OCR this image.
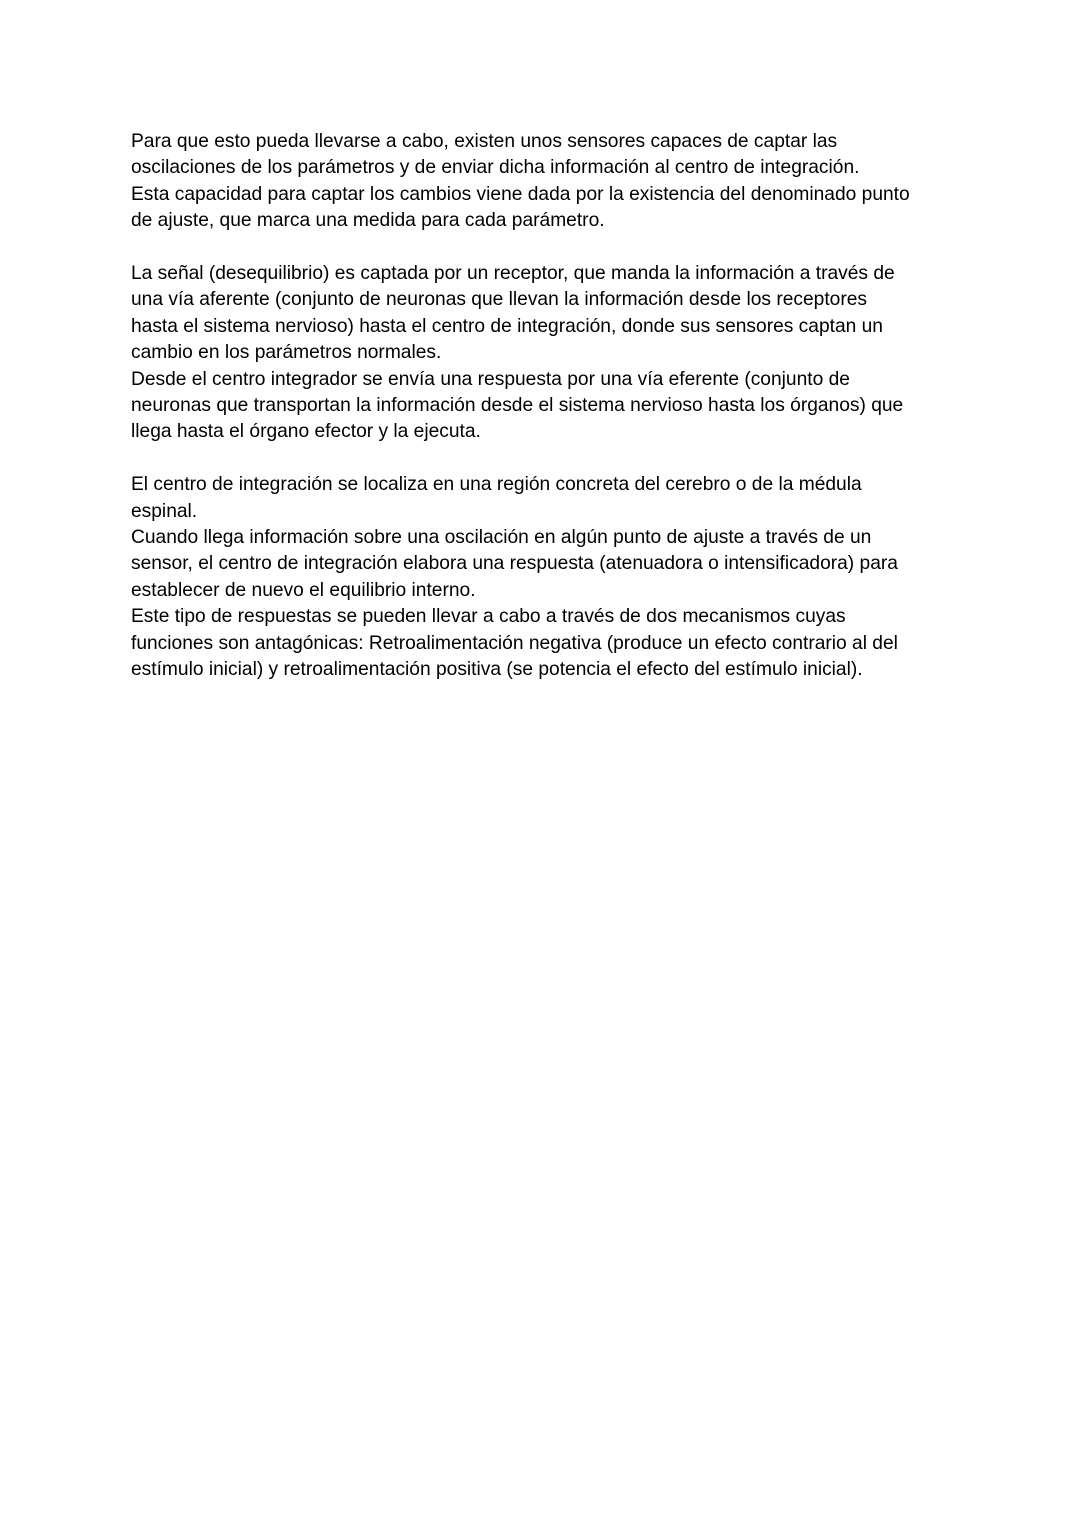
Para que esto pueda llevarse a cabo, existen unos sensores capaces de captar las
oscilaciones de los parámetros y de enviar dicha información al centro de integración.
Esta capacidad para captar los cambios viene dada por la existencia del denominado punto
de ajuste, que marca una medida para cada parámetro.

La señal (desequilibrio) es captada por un receptor, que manda la información a través de
una vía aferente (conjunto de neuronas que llevan la información desde los receptores
hasta el sistema nervioso) hasta el centro de integración, donde sus sensores captan un
cambio en los parámetros normales.
Desde el centro integrador se envía una respuesta por una vía eferente (conjunto de
neuronas que transportan la información desde el sistema nervioso hasta los órganos) que
llega hasta el órgano efector y la ejecuta.

El centro de integración se localiza en una región concreta del cerebro o de la médula
espinal.
Cuando llega información sobre una oscilación en algún punto de ajuste a través de un
sensor, el centro de integración elabora una respuesta (atenuadora o intensificadora) para
establecer de nuevo el equilibrio interno.
Este tipo de respuestas se pueden llevar a cabo a través de dos mecanismos cuyas
funciones son antagónicas: Retroalimentación negativa (produce un efecto contrario al del
estímulo inicial) y retroalimentación positiva (se potencia el efecto del estímulo inicial).
